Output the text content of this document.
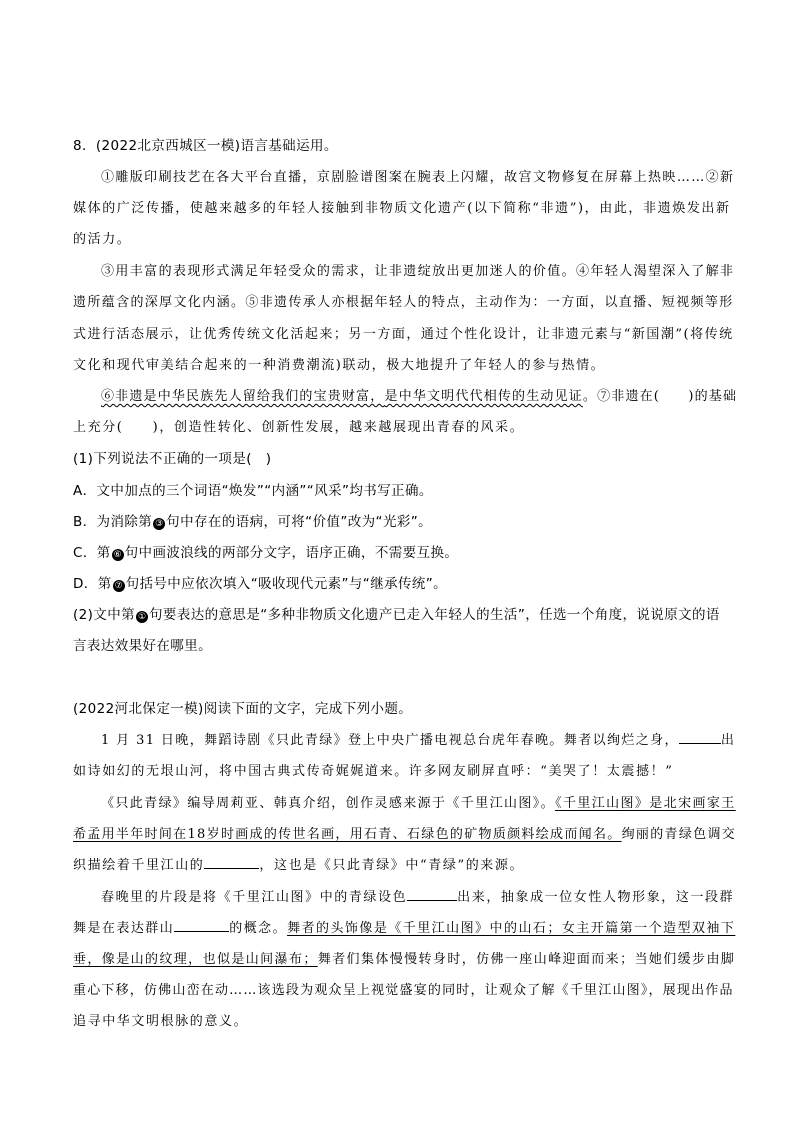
8．(2022北京西城区一模)语言基础运用。
①雕版印刷技艺在各大平台直播，京剧脸谱图案在腕表上闪耀，故宫文物修复在屏幕上热映……②新
媒体的广泛传播，使越来越多的年轻人接触到非物质文化遗产(以下简称“非遗”)，由此，非遗焕发出新
的活力。
③用丰富的表现形式满足年轻受众的需求，让非遗绽放出更加迷人的价值。④年轻人渴望深入了解非
遗所蕴含的深厚文化内涵。⑤非遗传承人亦根据年轻人的特点，主动作为：一方面，以直播、短视频等形
式进行活态展示，让优秀传统文化活起来；另一方面，通过个性化设计，让非遗元素与“新国潮”(将传统
文化和现代审美结合起来的一种消费潮流)联动，极大地提升了年轻人的参与热情。
⑥非遗是中华民族先人留给我们的宝贵财富，是中华文明代代相传的生动见证。⑦非遗在(　　)的基础
上充分(　　)，创造性转化、创新性发展，越来越展现出青春的风采。
(1)下列说法不正确的一项是(　)
A．文中加点的三个词语“焕发”“内涵”“风采”均书写正确。
B．为消除第 ③ 句中存在的语病，可将“价值”改为“光彩”。
C．第 ⑥ 句中画波浪线的两部分文字，语序正确，不需要互换。
D．第 ⑦ 句括号中应依次填入“吸收现代元素”与“继承传统”。
(2)文中第 ① 句要表达的意思是“多种非物质文化遗产已走入年轻人的生活”，任选一个角度，说说原文的语
言表达效果好在哪里。
(2022河北保定一模)阅读下面的文字，完成下列小题。
1 月 31 日晚，舞蹈诗剧《只此青绿》登上中央广播电视总台虎年春晚。舞者以绚烂之身，	出
如诗如幻的无垠山河，将中国古典式传奇娓娓道来。许多网友刷屏直呼：“美哭了！太震撼！”
《只此青绿》编导周莉亚、韩真介绍，创作灵感来源于《千里江山图》。《千里江山图》是北宋画家王
希孟用半年时间在18岁时画成的传世名画，用石青、石绿色的矿物质颜料绘成而闻名。绚丽的青绿色调交
织描绘着千里江山的	，这也是《只此青绿》中“青绿”的来源。
春晚里的片段是将《千里江山图》中的青绿设色	出来，抽象成一位女性人物形象，这一段群
舞是在表达群山	的概念。舞者的头饰像是《千里江山图》中的山石；女主开篇第一个造型双袖下
垂，像是山的纹理，也似是山间瀑布；舞者们集体慢慢转身时，仿佛一座山峰迎面而来；当她们缓步由脚
重心下移，仿佛山峦在动……该选段为观众呈上视觉盛宴的同时，让观众了解《千里江山图》，展现出作品
追寻中华文明根脉的意义。
